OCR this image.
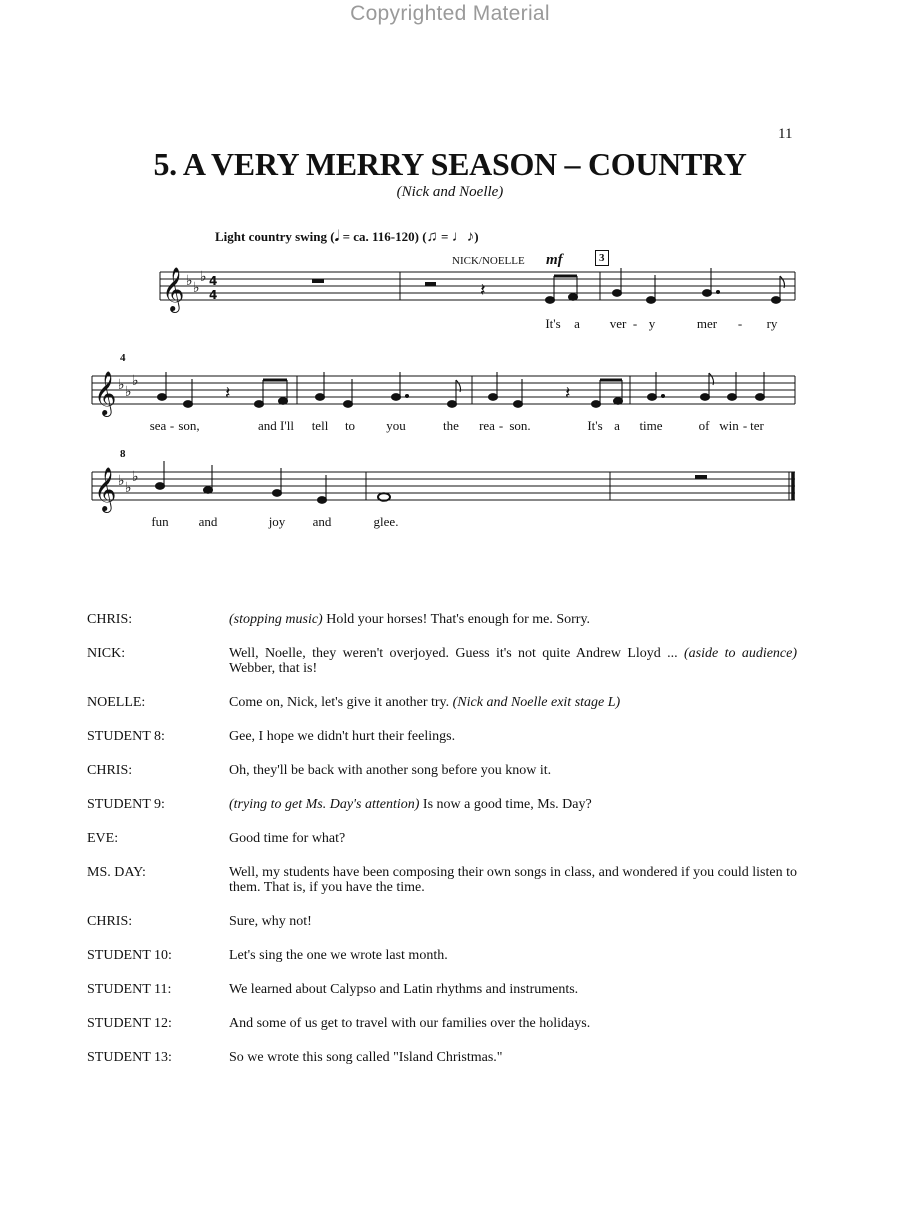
Copyrighted Material
11
5. A VERY MERRY SEASON – COUNTRY
(Nick and Noelle)
Light country swing (𝅘𝅥 = ca. 116-120) (♫ = ♩♪)
NICK/NOELLE mf	3
4
8
𝄞 ♭ ♭
♭ 4
4
𝄞 ♭ ♭
♭
𝄞 ♭ ♭
♭
𝄽
𝄽	𝄽
It's a ver - y	mer - ry
sea - son,	and I'll tell to you	the rea - son.	It's a time	of win - ter
fun and	joy and	glee.
CHRIS:	(stopping music) Hold your horses! That's enough for me. Sorry.
NICK:	Well, Noelle, they weren't overjoyed. Guess it's not quite Andrew Lloyd ... (aside to audience) Webber, that is!
NOELLE:	Come on, Nick, let's give it another try. (Nick and Noelle exit stage L)
STUDENT 8:	Gee, I hope we didn't hurt their feelings.
CHRIS:	Oh, they'll be back with another song before you know it.
STUDENT 9:	(trying to get Ms. Day's attention) Is now a good time, Ms. Day?
EVE:	Good time for what?
MS. DAY:	Well, my students have been composing their own songs in class, and wondered if you could listen to them. That is, if you have the time.
CHRIS:	Sure, why not!
STUDENT 10:	Let's sing the one we wrote last month.
STUDENT 11:	We learned about Calypso and Latin rhythms and instruments.
STUDENT 12:	And some of us get to travel with our families over the holidays.
STUDENT 13:	So we wrote this song called "Island Christmas."
